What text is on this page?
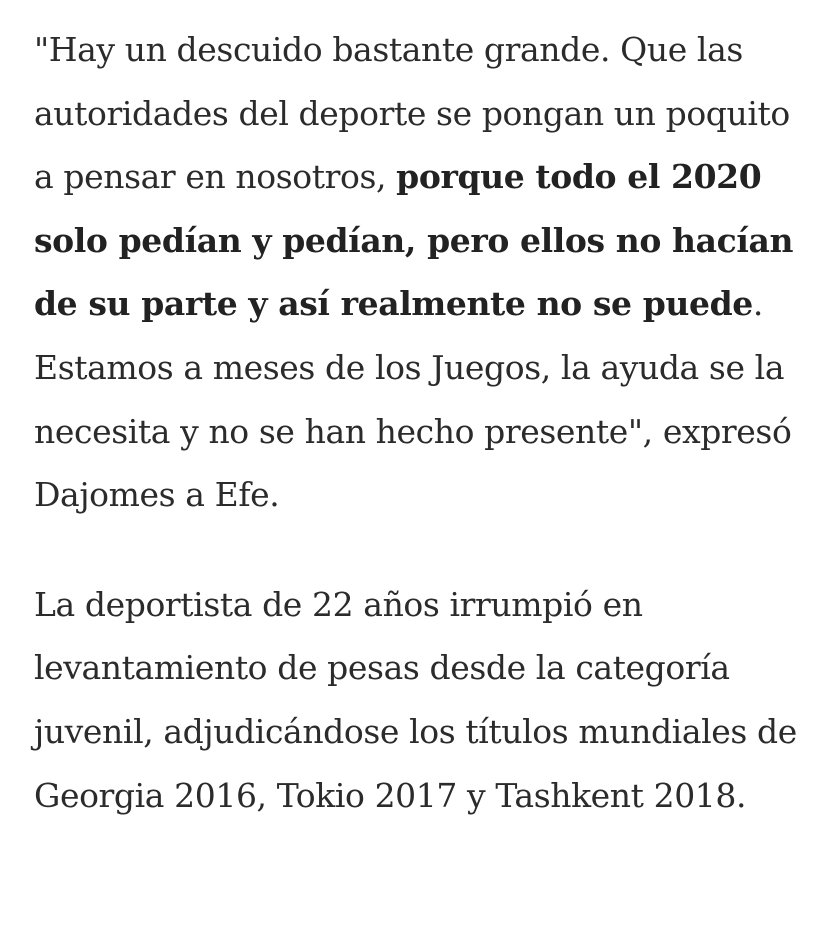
"Hay un descuido bastante grande. Que las autoridades del deporte se pongan un poquito a pensar en nosotros, porque todo el 2020 solo pedían y pedían, pero ellos no hacían de su parte y así realmente no se puede. Estamos a meses de los Juegos, la ayuda se la necesita y no se han hecho presente", expresó Dajomes a Efe.

La deportista de 22 años irrumpió en levantamiento de pesas desde la categoría juvenil, adjudicándose los títulos mundiales de Georgia 2016, Tokio 2017 y Tashkent 2018.
